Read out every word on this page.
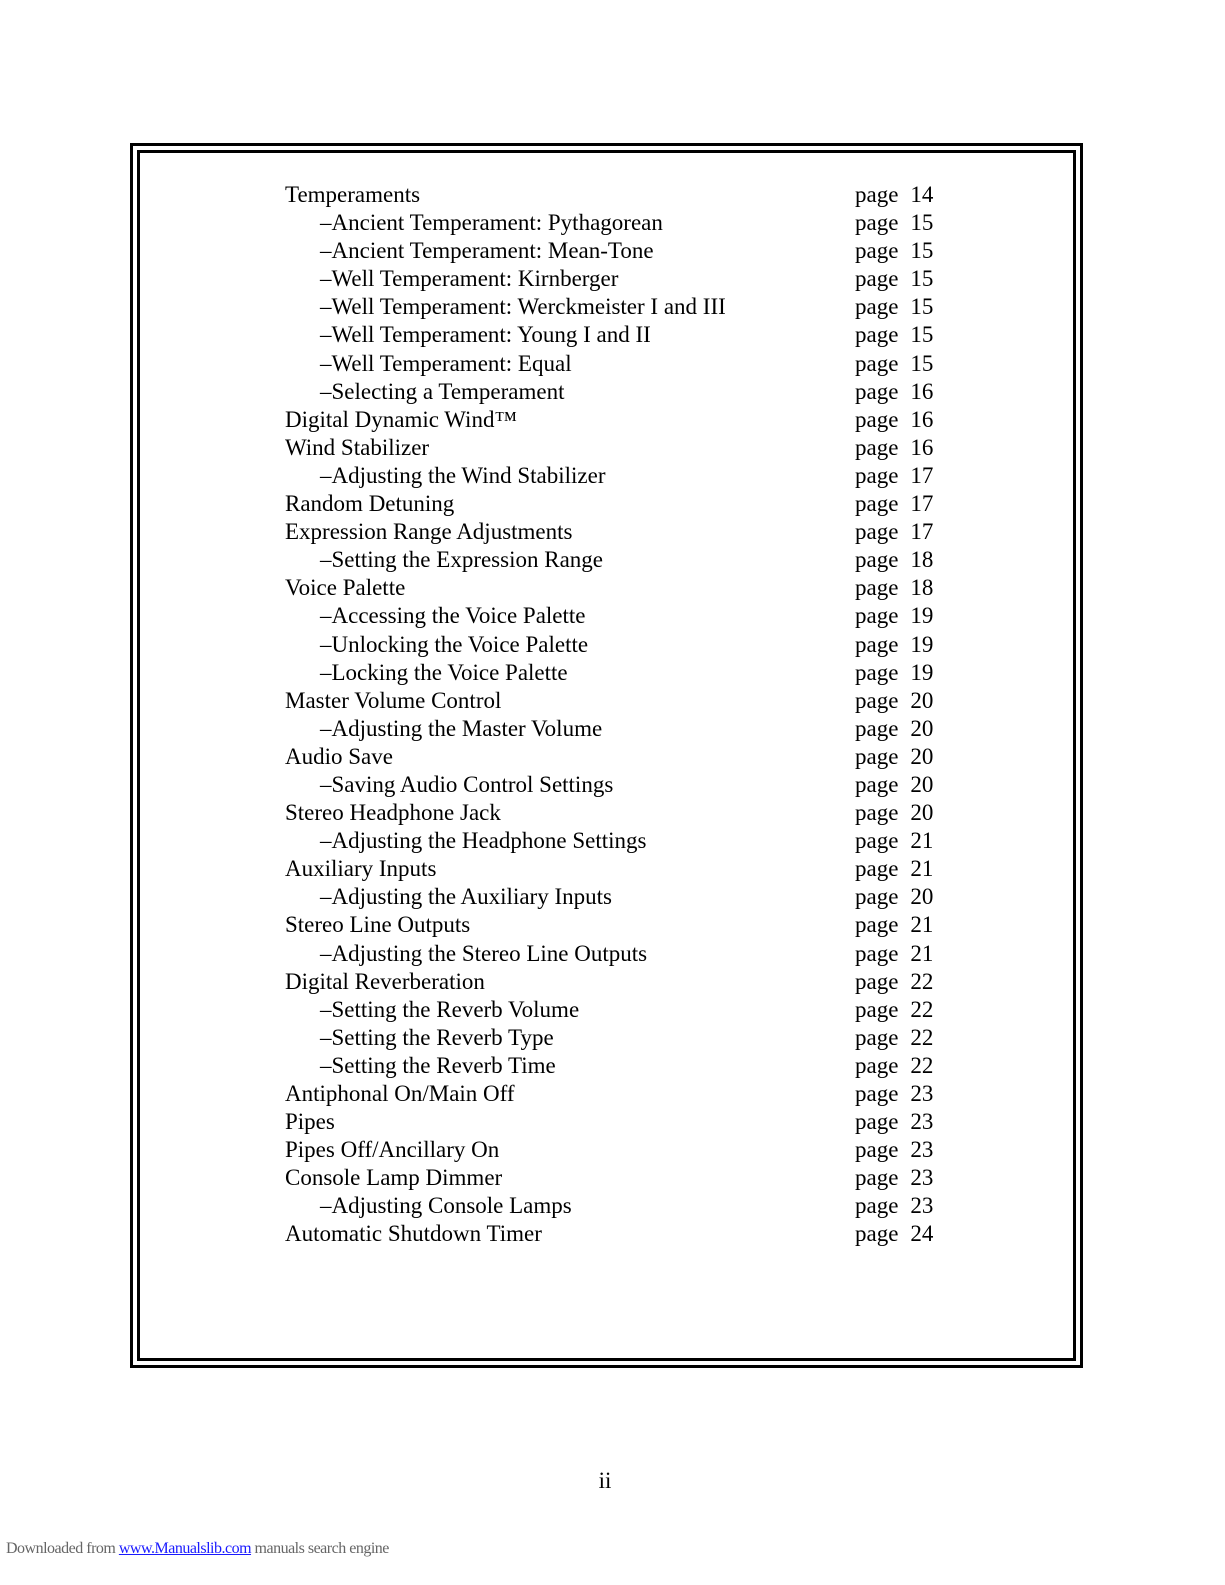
Temperaments	page 14
–Ancient Temperament: Pythagorean	page 15
–Ancient Temperament: Mean-Tone	page 15
–Well Temperament: Kirnberger	page 15
–Well Temperament: Werckmeister I and III	page 15
–Well Temperament: Young I and II	page 15
–Well Temperament: Equal	page 15
–Selecting a Temperament	page 16
Digital Dynamic Wind™	page 16
Wind Stabilizer	page 16
–Adjusting the Wind Stabilizer	page 17
Random Detuning	page 17
Expression Range Adjustments	page 17
–Setting the Expression Range	page 18
Voice Palette	page 18
–Accessing the Voice Palette	page 19
–Unlocking the Voice Palette	page 19
–Locking the Voice Palette	page 19
Master Volume Control	page 20
–Adjusting the Master Volume	page 20
Audio Save	page 20
–Saving Audio Control Settings	page 20
Stereo Headphone Jack	page 20
–Adjusting the Headphone Settings	page 21
Auxiliary Inputs	page 21
–Adjusting the Auxiliary Inputs	page 20
Stereo Line Outputs	page 21
–Adjusting the Stereo Line Outputs	page 21
Digital Reverberation	page 22
–Setting the Reverb Volume	page 22
–Setting the Reverb Type	page 22
–Setting the Reverb Time	page 22
Antiphonal On/Main Off	page 23
Pipes	page 23
Pipes Off/Ancillary On	page 23
Console Lamp Dimmer	page 23
–Adjusting Console Lamps	page 23
Automatic Shutdown Timer	page 24
ii
Downloaded from www.Manualslib.com manuals search engine
